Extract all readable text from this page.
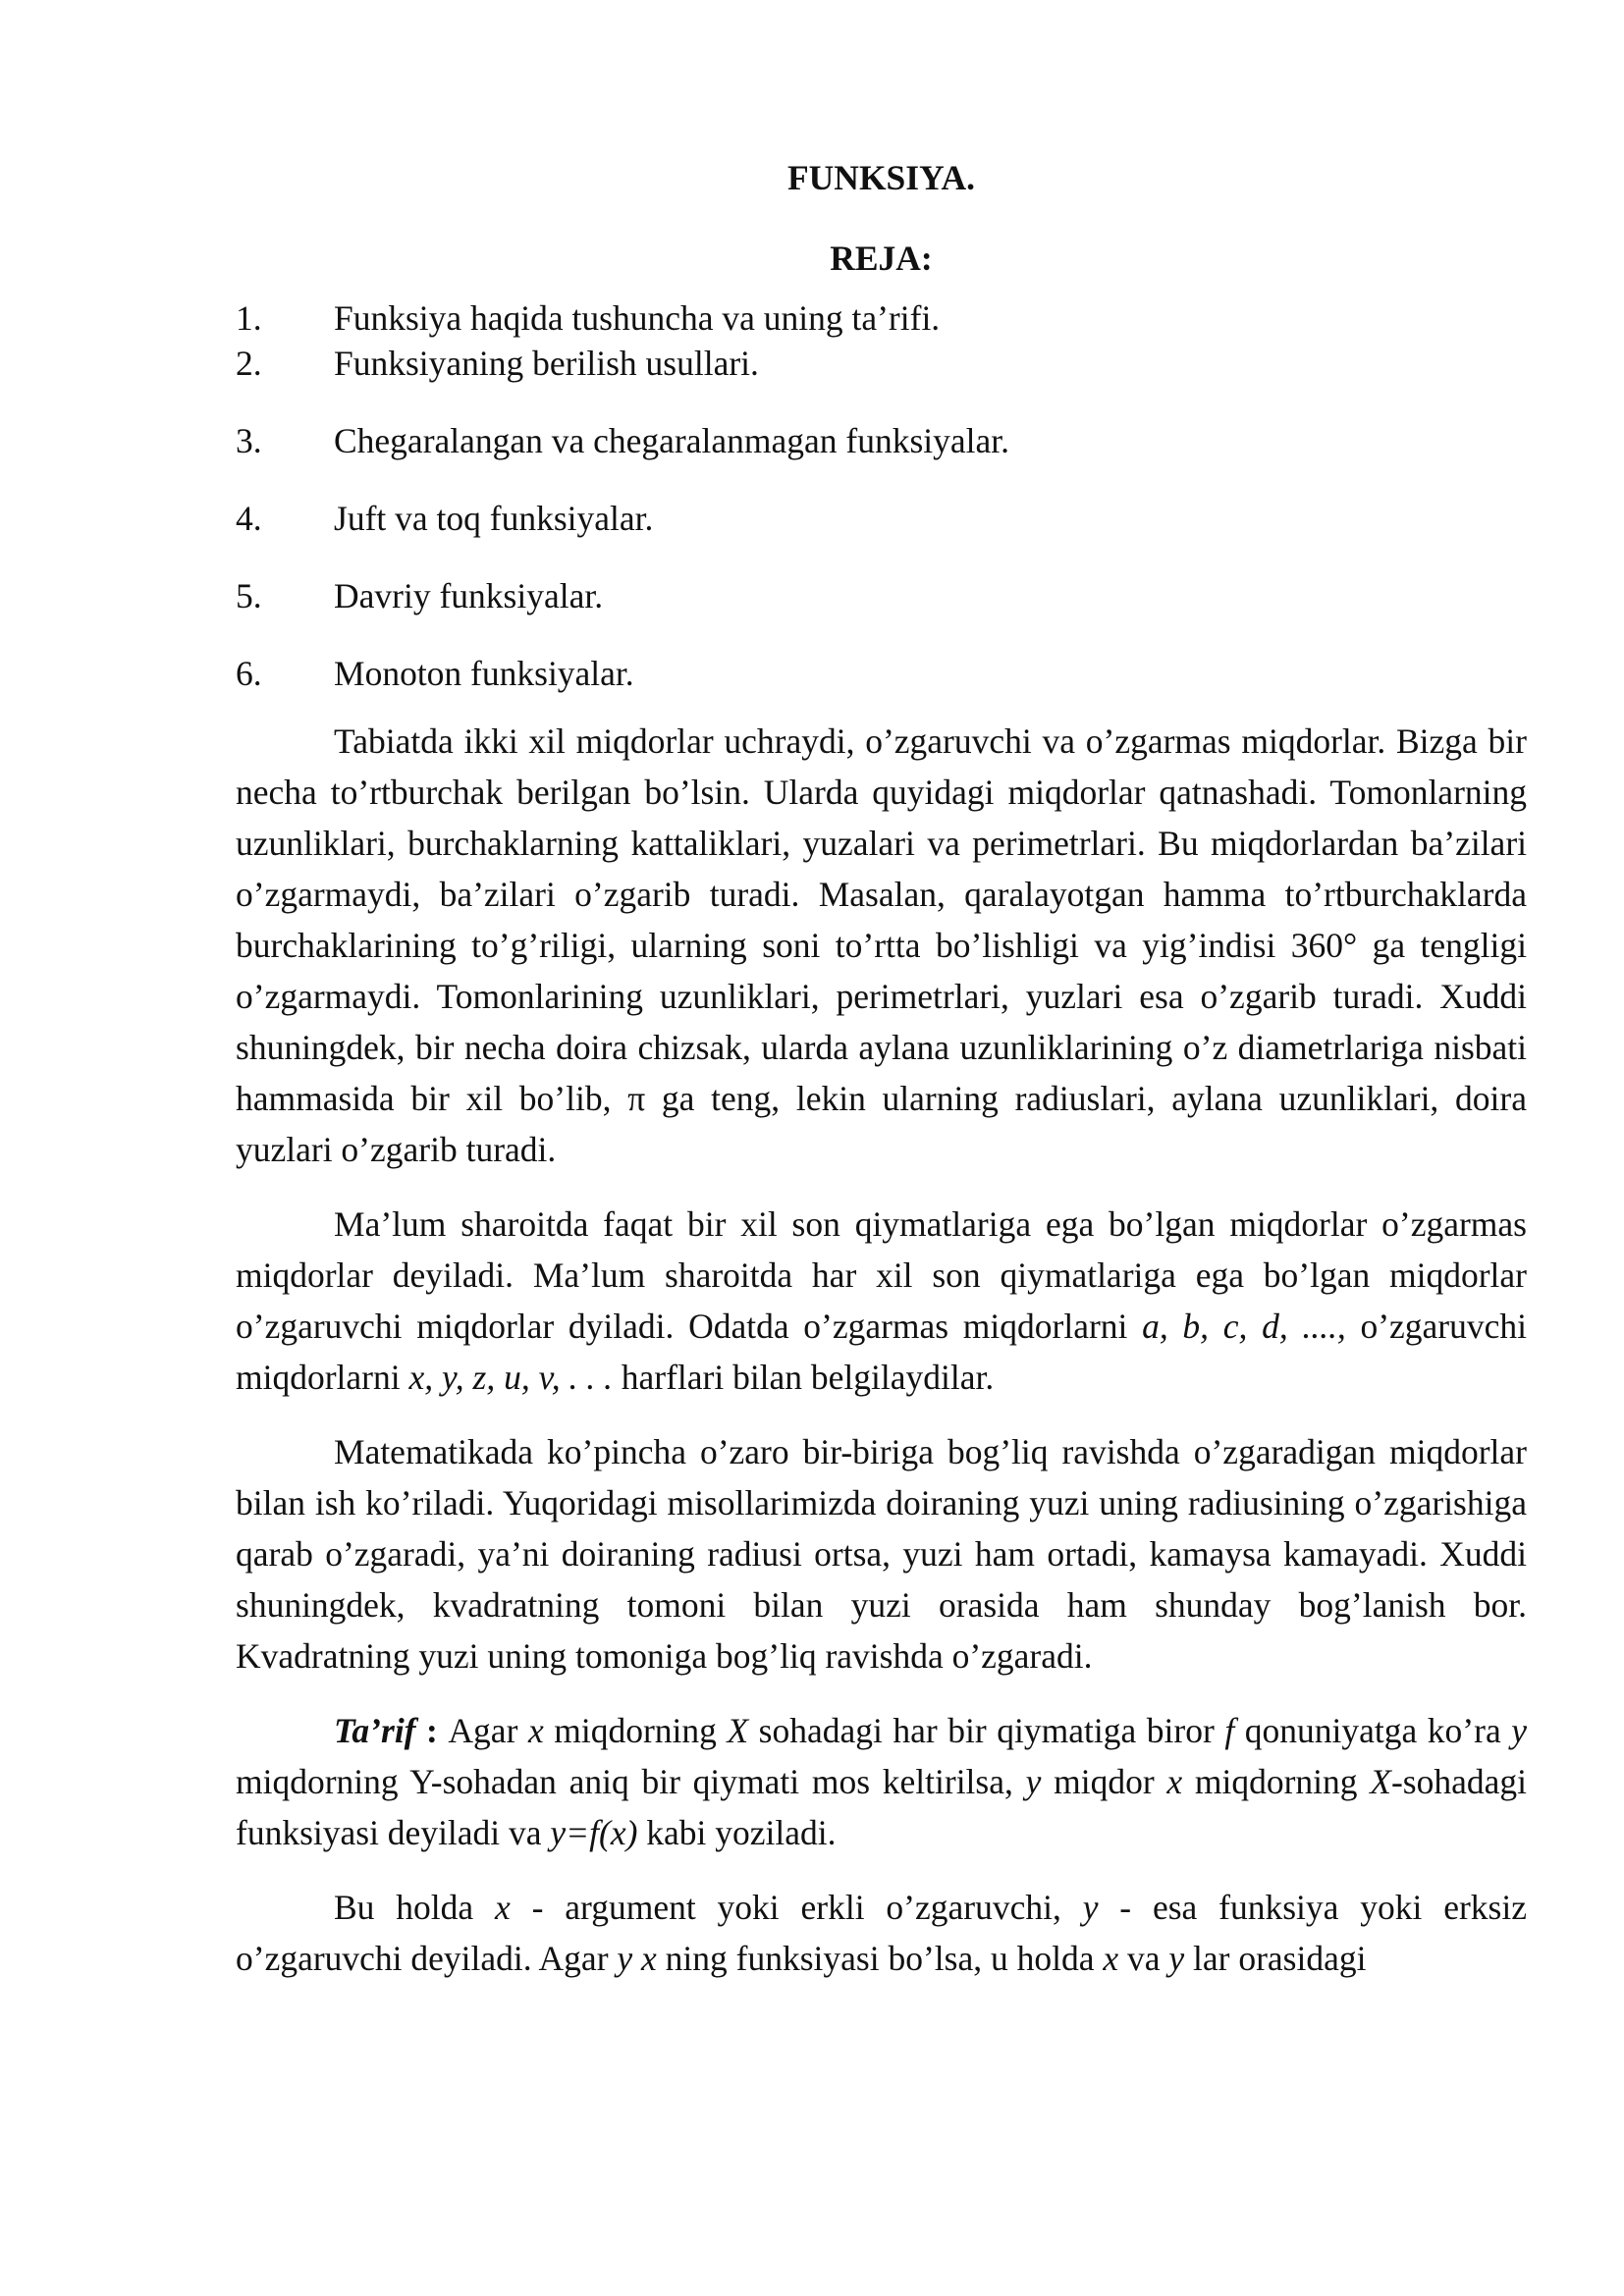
FUNKSIYA.
REJA:
1.	Funksiya haqida tushuncha va uning ta’rifi.
2.	Funksiyaning berilish usullari.
3.	Chegaralangan va chegaralanmagan funksiyalar.
4.	Juft va toq funksiyalar.
5.	Davriy funksiyalar.
6.	Monoton funksiyalar.

Tabiatda ikki xil miqdorlar uchraydi, o’zgaruvchi va o’zgarmas miqdorlar. Bizga bir necha to’rtburchak berilgan bo’lsin. Ularda quyidagi miqdorlar qatnashadi. Tomonlarning uzunliklari, burchaklarning kattaliklari, yuzalari va perimetrlari. Bu miqdorlardan ba’zilari o’zgarmaydi, ba’zilari o’zgarib turadi. Masalan, qaralayotgan hamma to’rtburchaklarda burchaklarining to’g’riligi, ularning soni to’rtta bo’lishligi va yig’indisi 360° ga tengligi o’zgarmaydi. Tomonlarining uzunliklari, perimetrlari, yuzlari esa o’zgarib turadi. Xuddi shuningdek, bir necha doira chizsak, ularda aylana uzunliklarining o’z diametrlariga nisbati hammasida bir xil bo’lib, π ga teng, lekin ularning radiuslari, aylana uzunliklari, doira yuzlari o’zgarib turadi.

Ma’lum sharoitda faqat bir xil son qiymatlariga ega bo’lgan miqdorlar o’zgarmas miqdorlar deyiladi. Ma’lum sharoitda har xil son qiymatlariga ega bo’lgan miqdorlar o’zgaruvchi miqdorlar dyiladi. Odatda o’zgarmas miqdorlarni a, b, c, d, ...., o’zgaruvchi miqdorlarni x, y, z, u, v, . . . harflari bilan belgilaydilar.

Matematikada ko’pincha o’zaro bir-biriga bog’liq ravishda o’zgaradigan miqdorlar bilan ish ko’riladi. Yuqoridagi misollarimizda doiraning yuzi uning radiusining o’zgarishiga qarab o’zgaradi, ya’ni doiraning radiusi ortsa, yuzi ham ortadi, kamaysa kamayadi. Xuddi shuningdek, kvadratning tomoni bilan yuzi orasida ham shunday bog’lanish bor. Kvadratning yuzi uning tomoniga bog’liq ravishda o’zgaradi.

Ta’rif : Agar x miqdorning X sohadagi har bir qiymatiga biror f qonuniyatga ko’ra y miqdorning Y-sohadan aniq bir qiymati mos keltirilsa, y miqdor x miqdorning X-sohadagi funksiyasi deyiladi va y=f(x) kabi yoziladi.

Bu holda x - argument yoki erkli o’zgaruvchi, y - esa funksiya yoki erksiz o’zgaruvchi deyiladi. Agar y x ning funksiyasi bo’lsa, u holda x va y lar orasidagi
